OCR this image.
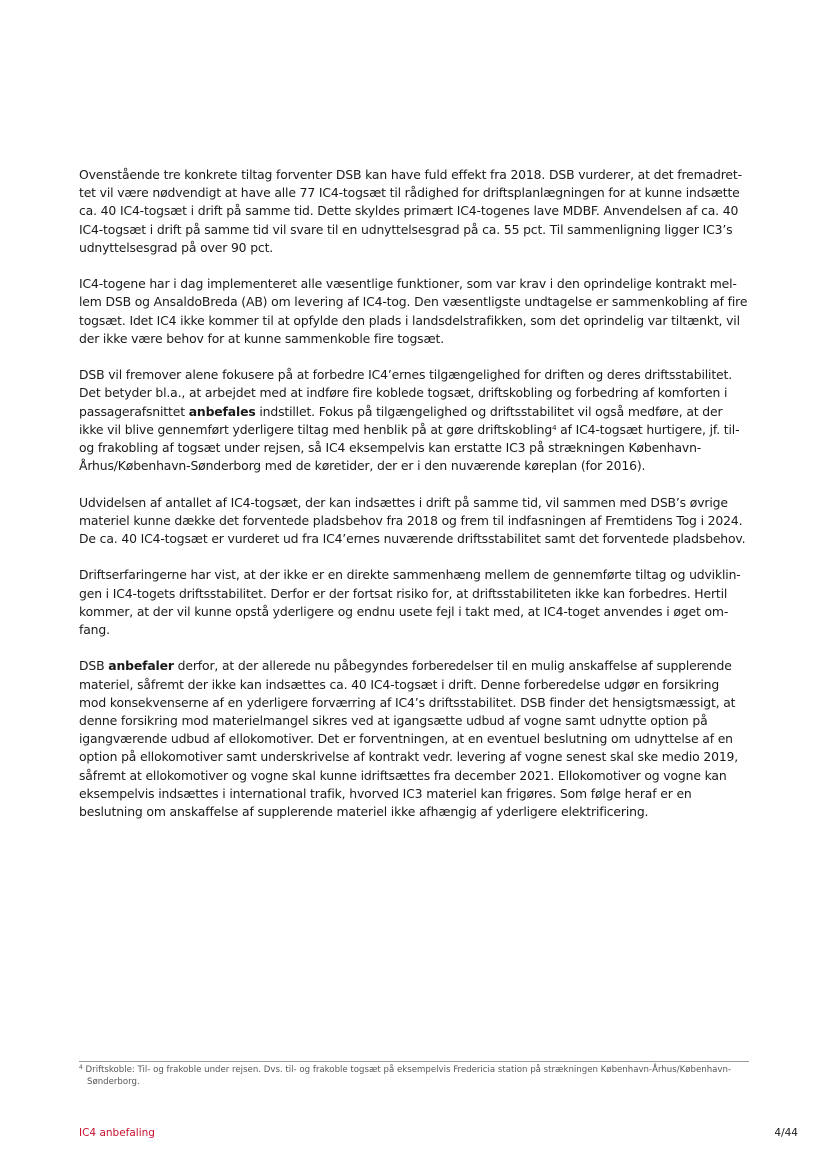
Ovenstående tre konkrete tiltag forventer DSB kan have fuld effekt fra 2018. DSB vurderer, at det fremadrettet vil være nødvendigt at have alle 77 IC4-togsæt til rådighed for driftsplanlægningen for at kunne indsætte ca. 40 IC4-togsæt i drift på samme tid. Dette skyldes primært IC4-togenes lave MDBF. Anvendelsen af ca. 40 IC4-togsæt i drift på samme tid vil svare til en udnyttelsesgrad på ca. 55 pct. Til sammenligning ligger IC3’s udnyttelsesgrad på over 90 pct.

IC4-togene har i dag implementeret alle væsentlige funktioner, som var krav i den oprindelige kontrakt mellem DSB og AnsaldoBreda (AB) om levering af IC4-tog. Den væsentligste undtagelse er sammenkobling af fire togsæt. Idet IC4 ikke kommer til at opfylde den plads i landsdelstrafikken, som det oprindelig var tiltænkt, vil der ikke være behov for at kunne sammenkoble fire togsæt.

DSB vil fremover alene fokusere på at forbedre IC4’ernes tilgængelighed for driften og deres driftsstabilitet. Det betyder bl.a., at arbejdet med at indføre fire koblede togsæt, driftskobling og forbedring af komforten i passagerafsnittet anbefales indstillet. Fokus på tilgængelighed og driftsstabilitet vil også medføre, at der ikke vil blive gennemført yderligere tiltag med henblik på at gøre driftskobling$^4$ af IC4-togsæt hurtigere, jf. til- og frakobling af togsæt under rejsen, så IC4 eksempelvis kan erstatte IC3 på strækningen København-Århus/København-Sønderborg med de køretider, der er i den nuværende køreplan (for 2016).

Udvidelsen af antallet af IC4-togsæt, der kan indsættes i drift på samme tid, vil sammen med DSB’s øvrige materiel kunne dække det forventede pladsbehov fra 2018 og frem til indfasningen af Fremtidens Tog i 2024. De ca. 40 IC4-togsæt er vurderet ud fra IC4’ernes nuværende driftsstabilitet samt det forventede pladsbehov.

Driftserfaringerne har vist, at der ikke er en direkte sammenhæng mellem de gennemførte tiltag og udviklingen i IC4-togets driftsstabilitet. Derfor er der fortsat risiko for, at driftsstabiliteten ikke kan forbedres. Hertil kommer, at der vil kunne opstå yderligere og endnu usete fejl i takt med, at IC4-toget anvendes i øget omfang.

DSB anbefaler derfor, at der allerede nu påbegyndes forberedelser til en mulig anskaffelse af supplerende materiel, såfremt der ikke kan indsættes ca. 40 IC4-togsæt i drift. Denne forberedelse udgør en forsikring mod konsekvenserne af en yderligere forværring af IC4’s driftsstabilitet. DSB finder det hensigtsmæssigt, at denne forsikring mod materielmangel sikres ved at igangsætte udbud af vogne samt udnytte option på igangværende udbud af ellokomotiver. Det er forventningen, at en eventuel beslutning om udnyttelse af en option på ellokomotiver samt underskrivelse af kontrakt vedr. levering af vogne senest skal ske medio 2019, såfremt at ellokomotiver og vogne skal kunne idriftsættes fra december 2021. Ellokomotiver og vogne kan eksempelvis indsættes i international trafik, hvorved IC3 materiel kan frigøres. Som følge heraf er en beslutning om anskaffelse af supplerende materiel ikke afhængig af yderligere elektrificering.

$^4$ Driftskoble: Til- og frakoble under rejsen. Dvs. til- og frakoble togsæt på eksempelvis Fredericia station på strækningen København-Århus/København-Sønderborg.
IC4 anbefaling	4/44
